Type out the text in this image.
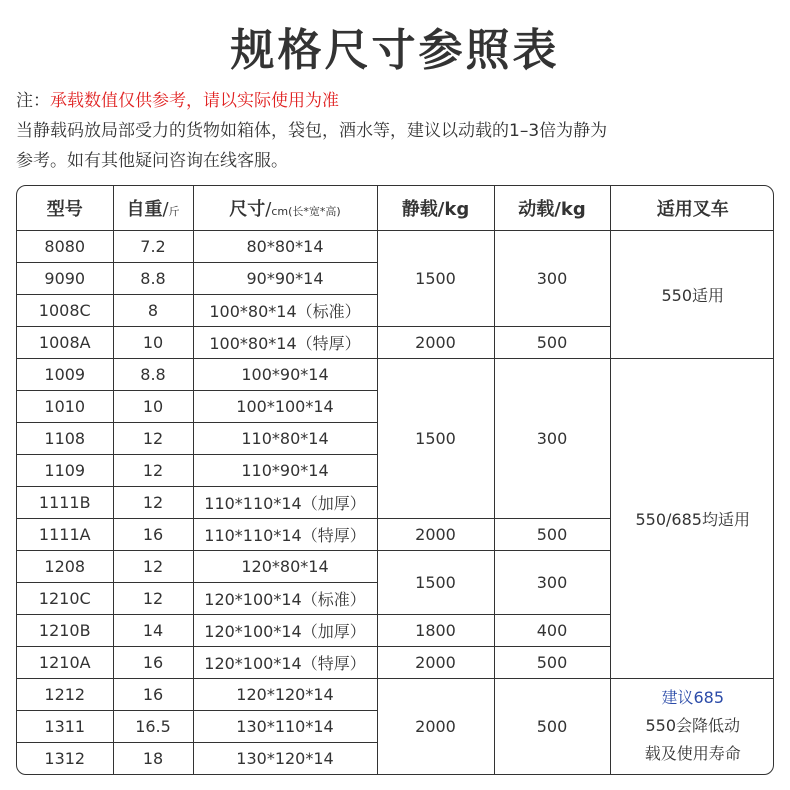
规格尺寸参照表

注：承载数值仅供参考，请以实际使用为准

当静载码放局部受力的货物如箱体，袋包，酒水等，建议以动载的1–3倍为静为

参考。如有其他疑问咨询在线客服。

型号	自重/斤	尺寸/cm(长*宽*高)	静载/kg	动载/kg	适用叉车
8080	7.2	80*80*14	1500	300	550适用
9090	8.8	90*90*14			
1008C	8	100*80*14（标准）			
1008A	10	100*80*14（特厚）	2000	500	
1009	8.8	100*90*14	1500	300	550/685均适用
1010	10	100*100*14			
1108	12	110*80*14			
1109	12	110*90*14			
1111B	12	110*110*14（加厚）			
1111A	16	110*110*14（特厚）	2000	500	
1208	12	120*80*14	1500	300	
1210C	12	120*100*14（标准）			
1210B	14	120*100*14（加厚）	1800	400	
1210A	16	120*100*14（特厚）	2000	500	
1212	16	120*120*14	2000	500	建议685
550会降低动
载及使用寿命

1311	16.5	130*110*14			
1312	18	130*120*14			
